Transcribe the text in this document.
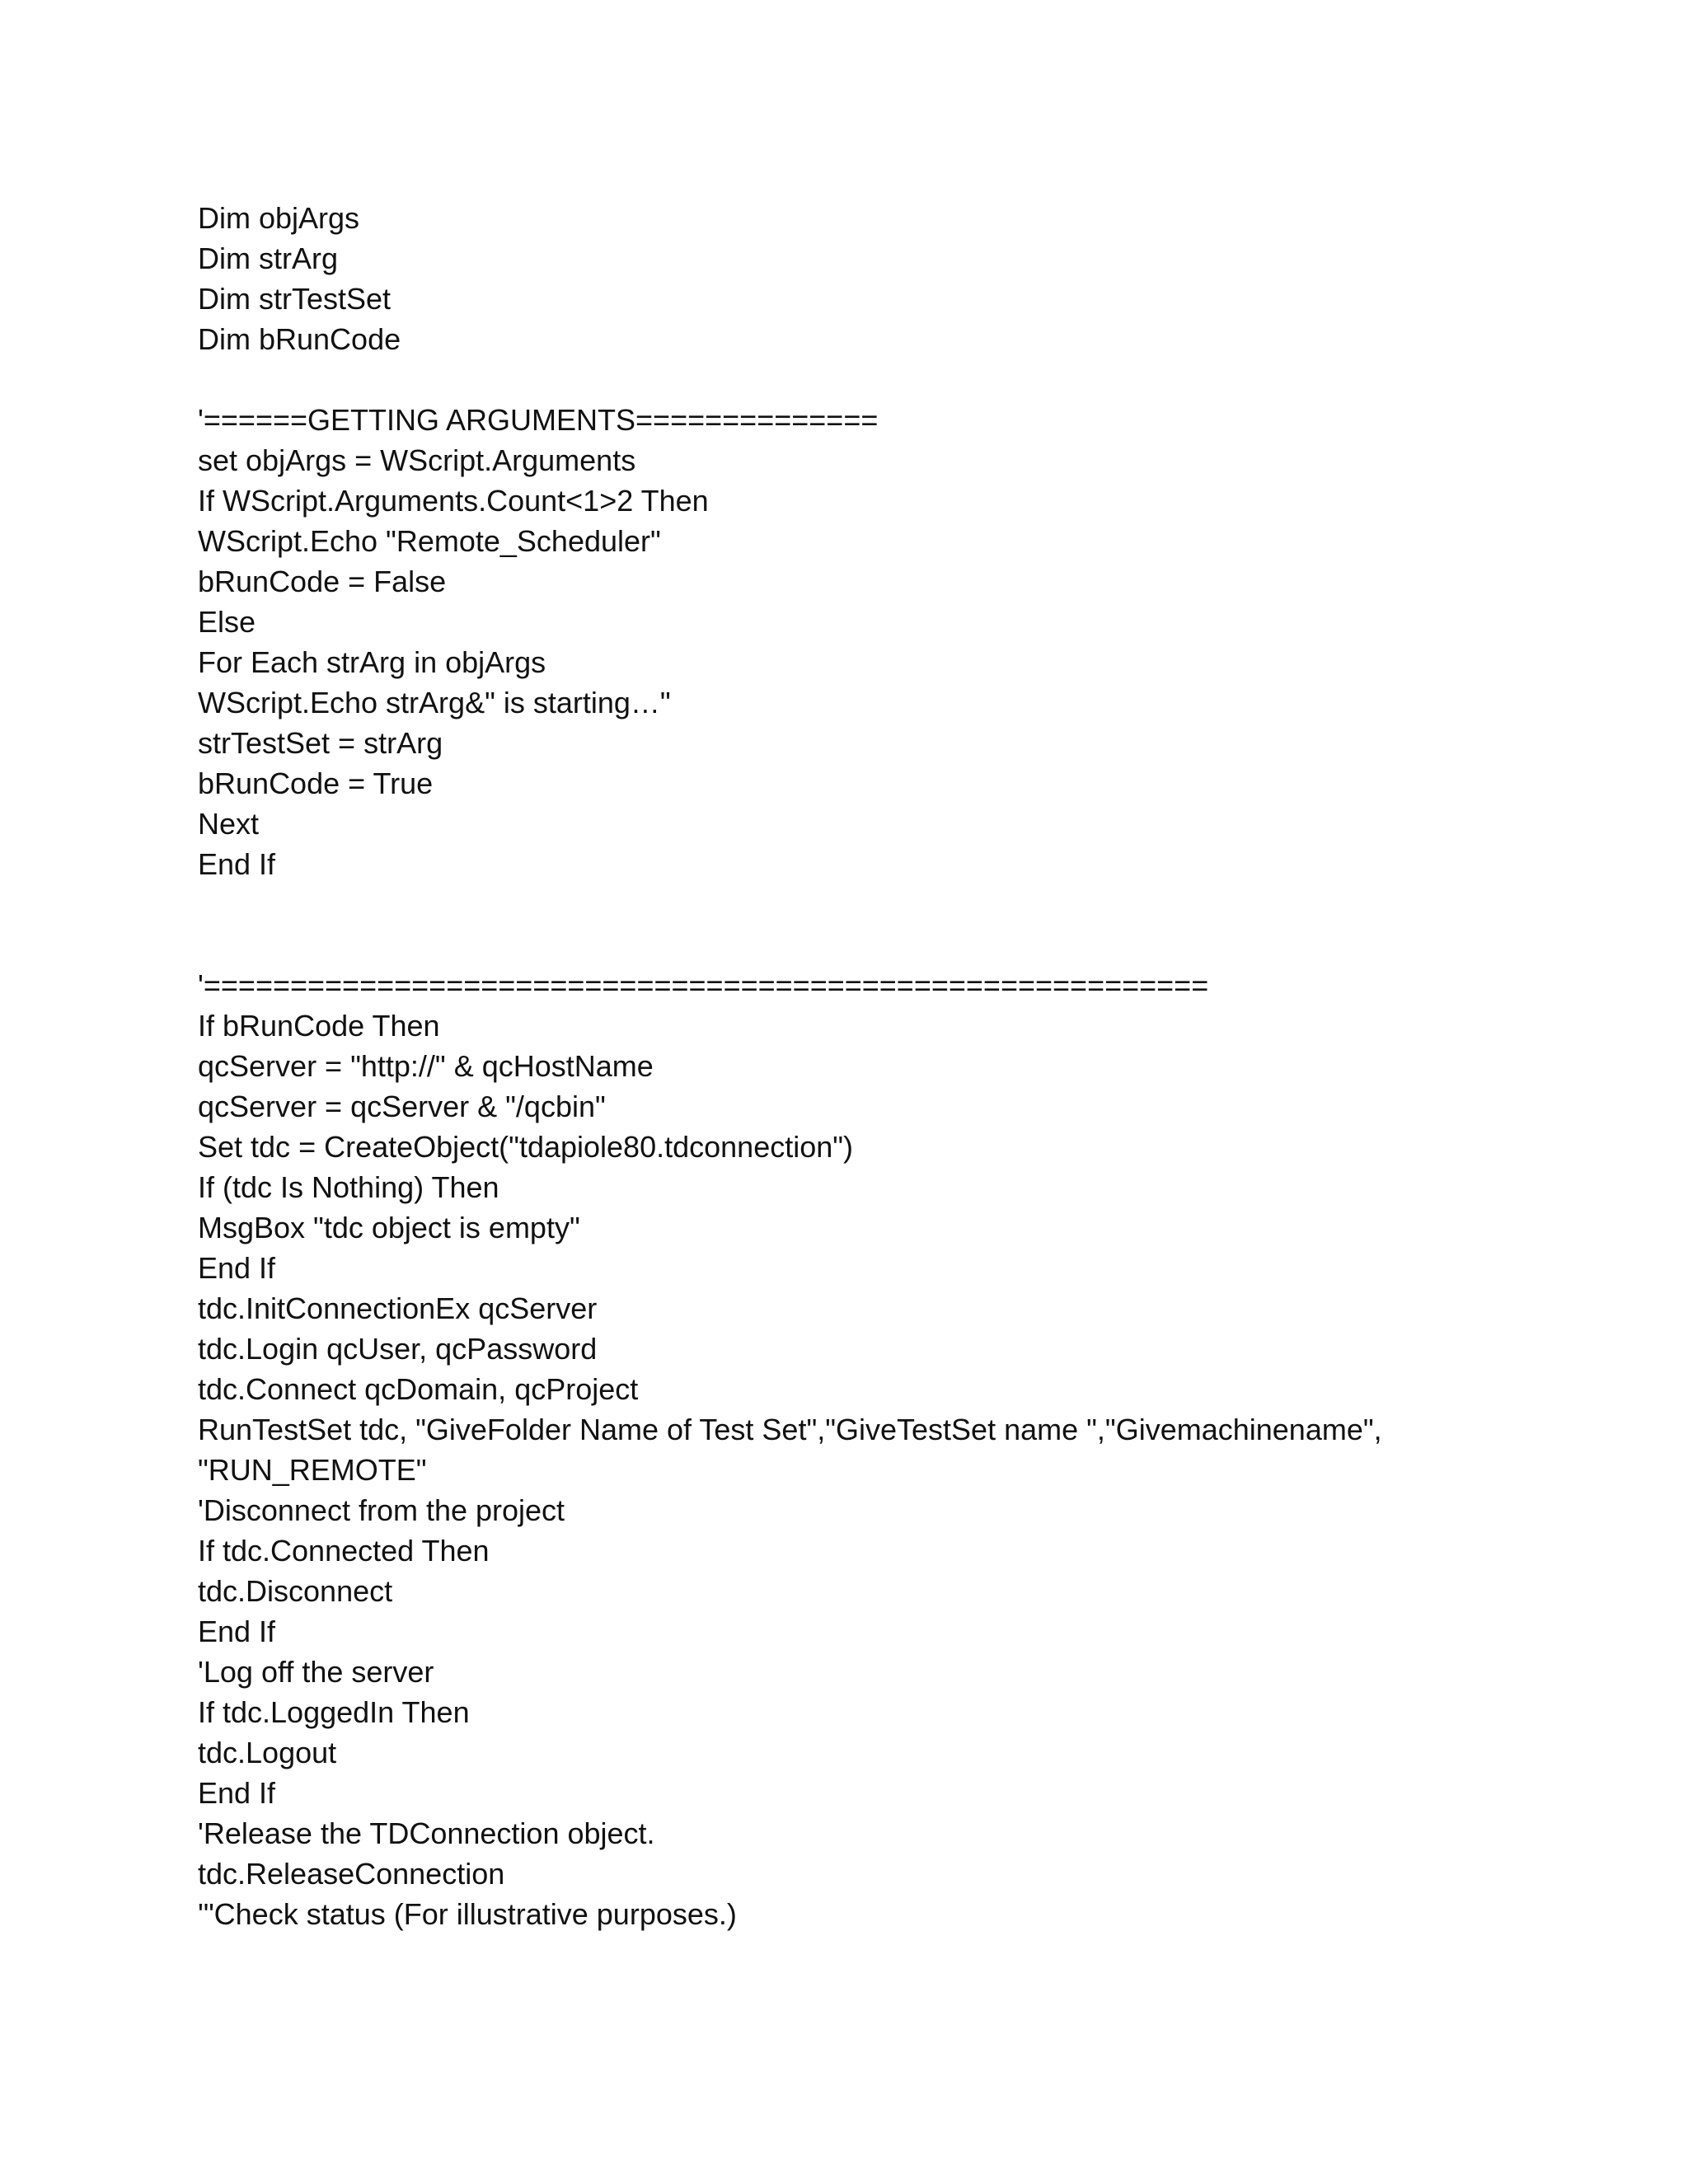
Dim objArgs
Dim strArg
Dim strTestSet
Dim bRunCode
'======GETTING ARGUMENTS==============
set objArgs = WScript.Arguments
If WScript.Arguments.Count<1>2 Then
WScript.Echo "Remote_Scheduler"
bRunCode = False
Else
For Each strArg in objArgs
WScript.Echo strArg&" is starting…"
strTestSet = strArg
bRunCode = True
Next
End If
'==========================================================
If bRunCode Then
qcServer = "http://" & qcHostName
qcServer = qcServer & "/qcbin"
Set tdc = CreateObject("tdapiole80.tdconnection")
If (tdc Is Nothing) Then
MsgBox "tdc object is empty"
End If
tdc.InitConnectionEx qcServer
tdc.Login qcUser, qcPassword
tdc.Connect qcDomain, qcProject
RunTestSet tdc, "GiveFolder Name of Test Set","GiveTestSet name ","Givemachinename",
"RUN_REMOTE"
'Disconnect from the project
If tdc.Connected Then
tdc.Disconnect
End If
'Log off the server
If tdc.LoggedIn Then
tdc.Logout
End If
'Release the TDConnection object.
tdc.ReleaseConnection
'"Check status (For illustrative purposes.)
